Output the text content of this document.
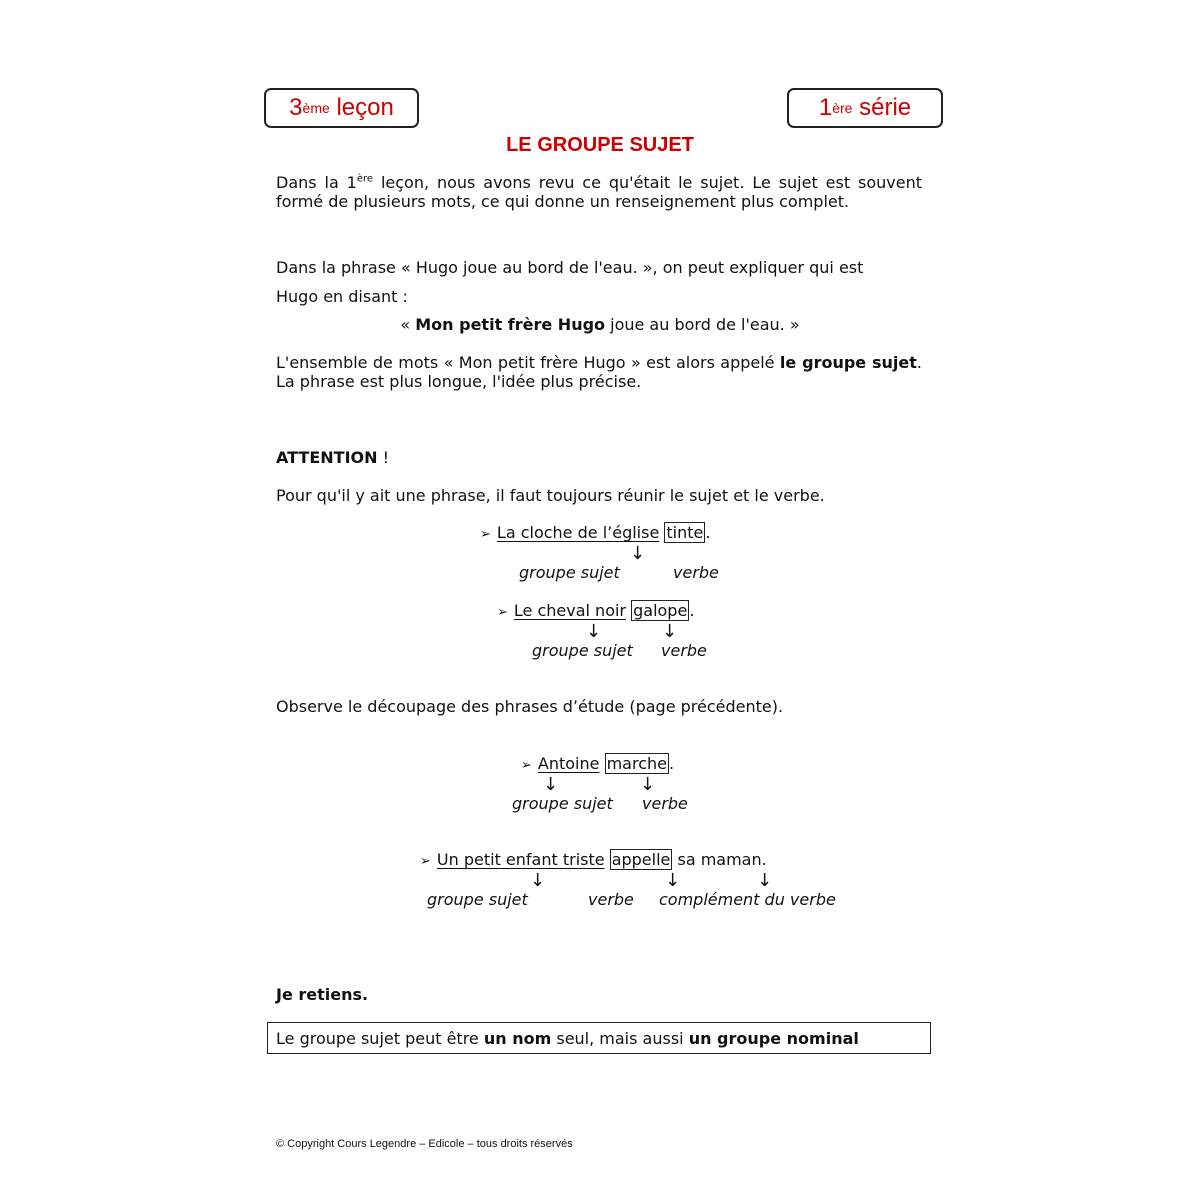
3 ème
leçon	1 ère
série
LE GROUPE SUJET
Dans la 1ère leçon, nous avons revu ce qu'était le sujet. Le sujet est souvent formé de plusieurs mots, ce qui donne un renseignement plus complet.
Dans la phrase « Hugo joue au bord de l'eau. », on peut expliquer qui est
Hugo en disant :
« Mon petit frère Hugo joue au bord de l'eau. »
L'ensemble de mots « Mon petit frère Hugo » est alors appelé le groupe sujet. La phrase est plus longue, l'idée plus précise.
ATTENTION !
Pour qu'il y ait une phrase, il faut toujours réunir le sujet et le verbe.
➢ La cloche de l’église tinte .
↓
groupe sujet	verbe
➢ Le cheval noir galope .
↓	↓
groupe sujet verbe
Observe le découpage des phrases d’étude (page précédente).
➢ Antoine marche .
↓	↓
groupe sujet verbe
➢ Un petit enfant triste appelle sa maman.
↓	↓	↓
groupe sujet	verbe complément du verbe
Je retiens.
Le groupe sujet peut être un nom seul, mais aussi un groupe nominal
© Copyright Cours Legendre – Edicole – tous droits réservés
